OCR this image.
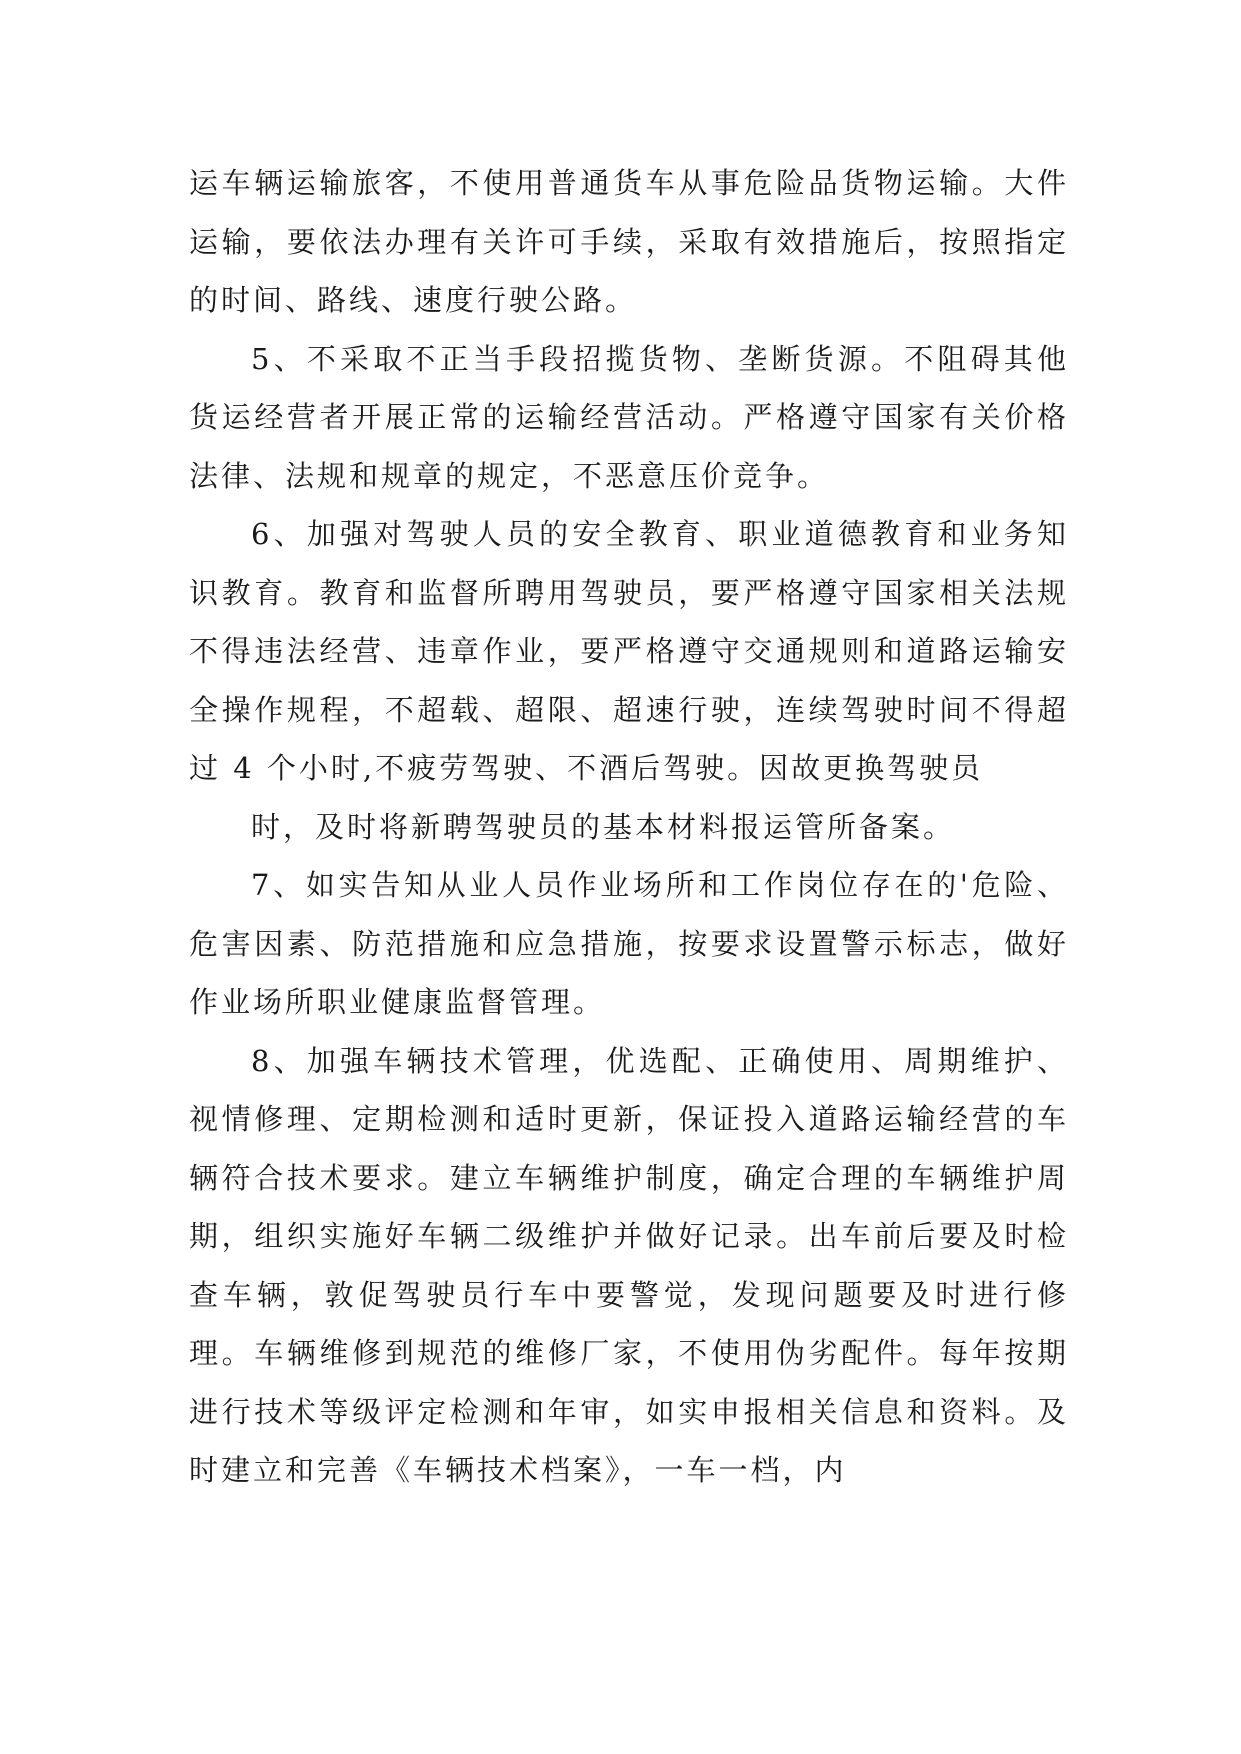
运车辆运输旅客，不使用普通货车从事危险品货物运输。大件运输，要依法办理有关许可手续，采取有效措施后，按照指定的时间、路线、速度行驶公路。

5、不采取不正当手段招揽货物、垄断货源。不阻碍其他货运经营者开展正常的运输经营活动。严格遵守国家有关价格法律、法规和规章的规定，不恶意压价竞争。

6、加强对驾驶人员的安全教育、职业道德教育和业务知识教育。教育和监督所聘用驾驶员，要严格遵守国家相关法规不得违法经营、违章作业，要严格遵守交通规则和道路运输安全操作规程，不超载、超限、超速行驶，连续驾驶时间不得超过 4 个小时,不疲劳驾驶、不酒后驾驶。因故更换驾驶员

时，及时将新聘驾驶员的基本材料报运管所备案。

7、如实告知从业人员作业场所和工作岗位存在的'危险、危害因素、防范措施和应急措施，按要求设置警示标志，做好作业场所职业健康监督管理。

8、加强车辆技术管理，优选配、正确使用、周期维护、视情修理、定期检测和适时更新，保证投入道路运输经营的车辆符合技术要求。建立车辆维护制度，确定合理的车辆维护周期，组织实施好车辆二级维护并做好记录。出车前后要及时检查车辆，敦促驾驶员行车中要警觉，发现问题要及时进行修理。车辆维修到规范的维修厂家，不使用伪劣配件。每年按期进行技术等级评定检测和年审，如实申报相关信息和资料。及时建立和完善《车辆技术档案》，一车一档，内
